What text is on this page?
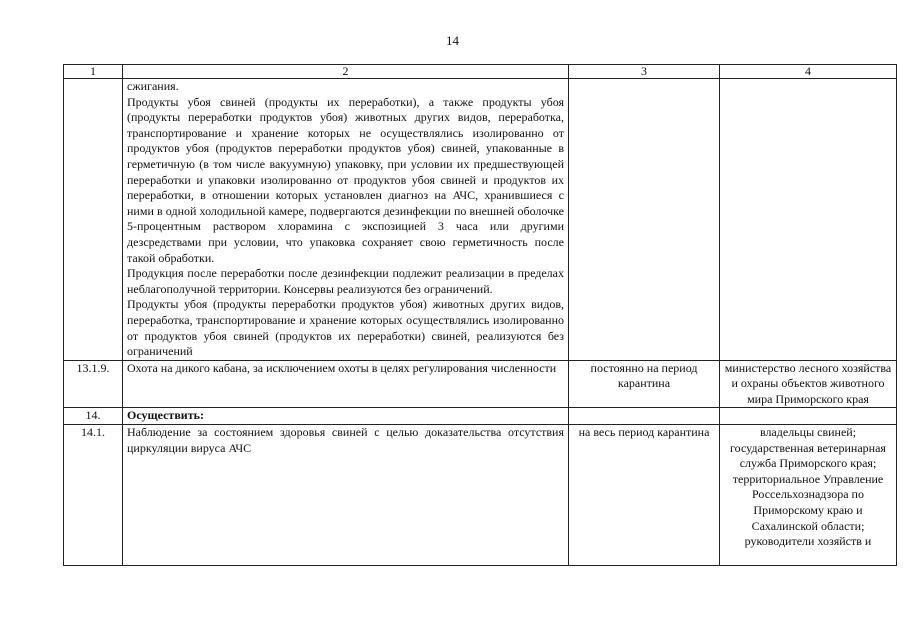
14
1	2	3	4

	сжигания.

Продукты убоя свиней (продукты их переработки), а также продукты убоя (продукты переработки продуктов убоя) животных других видов, переработка, транспортирование и хранение которых не осуществлялись изолированно от продуктов убоя (продуктов переработки продуктов убоя) свиней, упакованные в герметичную (в том числе вакуумную) упаковку, при условии их предшествующей переработки и упаковки изолированно от продуктов убоя свиней и продуктов их переработки, в отношении которых установлен диагноз на АЧС, хранившиеся с ними в одной холодильной камере, подвергаются дезинфекции по внешней оболочке 5-процентным раствором хлорамина с экспозицией 3 часа или другими дезсредствами при условии, что упаковка сохраняет свою герметичность после такой обработки.

Продукция после переработки после дезинфекции подлежит реализации в пределах неблагополучной территории. Консервы реализуются без ограничений.

Продукты убоя (продукты переработки продуктов убоя) животных других видов, переработка, транспортирование и хранение которых осуществлялись изолированно от продуктов убоя свиней (продуктов их переработки) свиней, реализуются без ограничений		

13.1.9.	Охота на дикого кабана, за исключением охоты в целях регулирования численности	постоянно на период карантина	министерство лесного хозяйства и охраны объектов животного мира Приморского края
14.	Осуществить:		
14.1.	Наблюдение за состоянием здоровья свиней с целью доказательства отсутствия циркуляции вируса АЧС	на весь период карантина	владельцы свиней; государственная ветеринарная служба Приморского края; территориальное Управление Россельхознадзора по Приморскому краю и Сахалинской области; руководители хозяйств и
